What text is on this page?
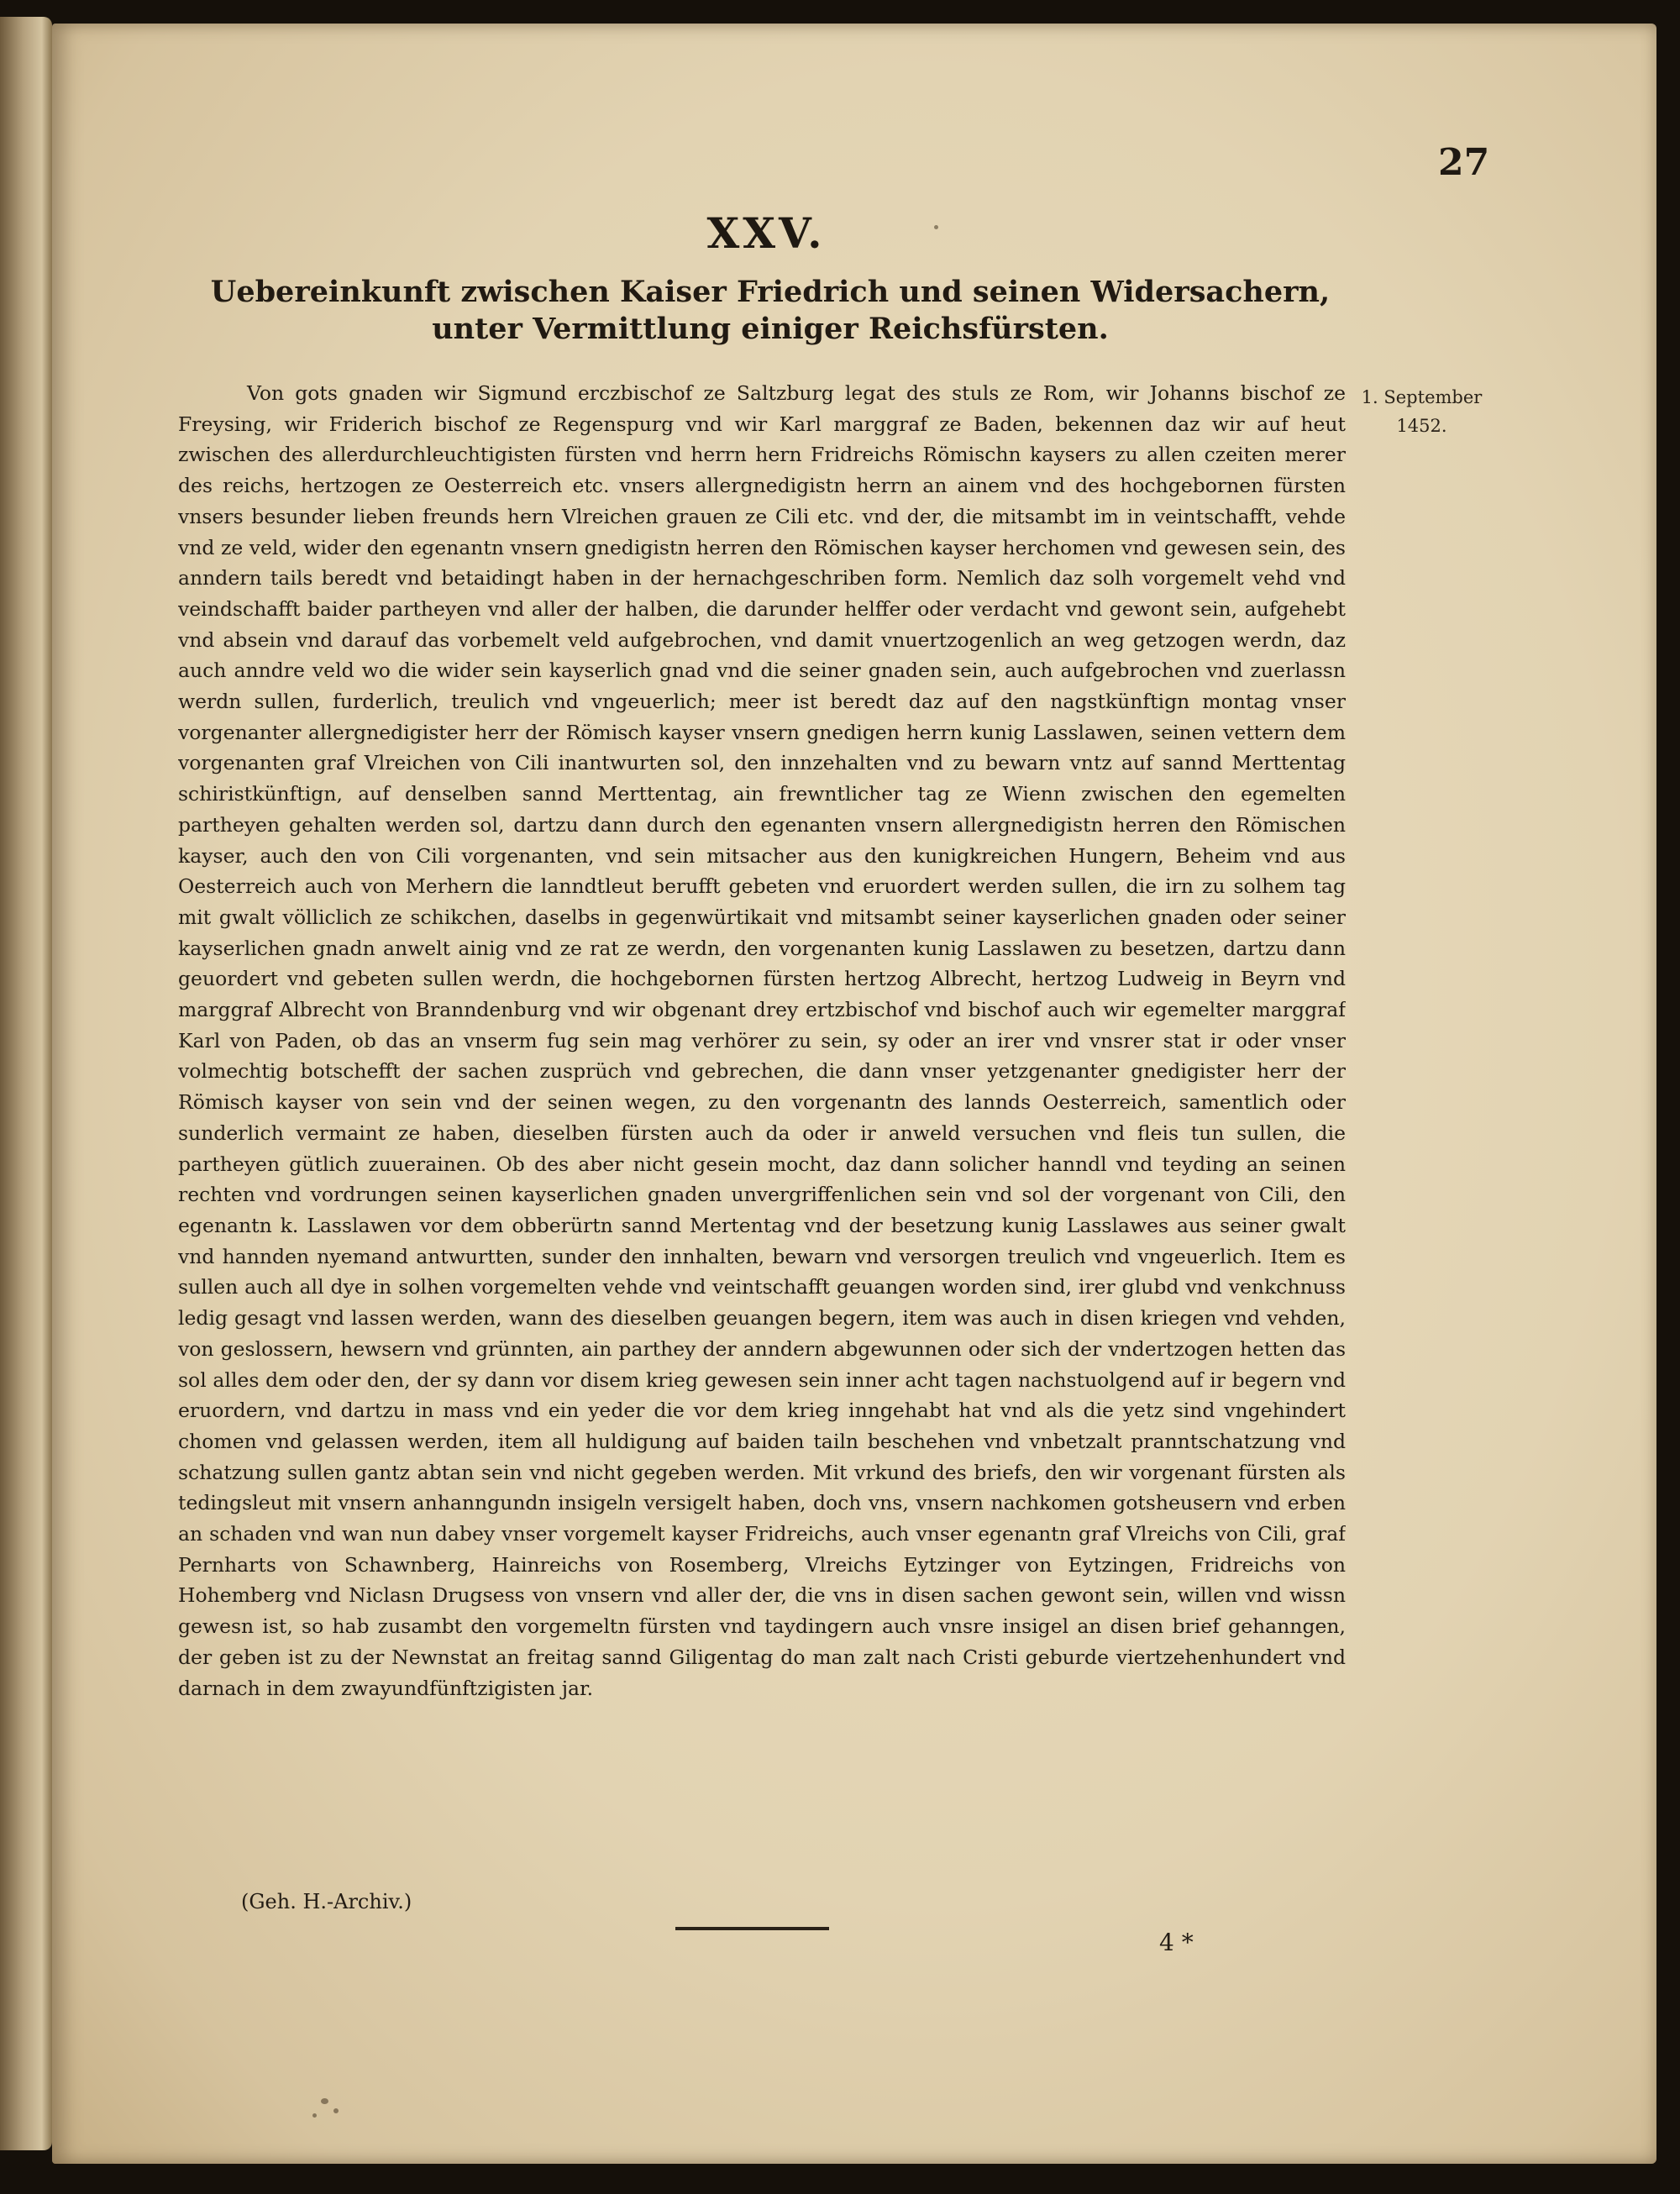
27
XXV.
Uebereinkunft zwischen Kaiser Friedrich und seinen Widersachern, unter Vermittlung einiger Reichsfürsten.
1. September
1452.

Von gots gnaden wir Sigmund erczbischof ze Saltzburg legat des stuls ze Rom, wir Johanns bischof ze Freysing, wir Friderich bischof ze Regenspurg vnd wir Karl marggraf ze Baden, bekennen daz wir auf heut zwischen des allerdurchleuchtigisten fürsten vnd herrn hern Fridreichs Römischn kaysers zu allen czeiten merer des reichs, hertzogen ze Oesterreich etc. vnsers allergnedigistn herrn an ainem vnd des hochgebornen fürsten vnsers besunder lieben freunds hern Vlreichen grauen ze Cili etc. vnd der, die mitsambt im in veintschafft, vehde vnd ze veld, wider den egenantn vnsern gnedigistn herren den Römischen kayser herchomen vnd gewesen sein, des anndern tails beredt vnd betaidingt haben in der hernachgeschriben form. Nemlich daz solh vorgemelt vehd vnd veindschafft baider partheyen vnd aller der halben, die darunder helffer oder verdacht vnd gewont sein, aufgehebt vnd absein vnd darauf das vorbemelt veld aufgebrochen, vnd damit vnuertzogenlich an weg getzogen werdn, daz auch anndre veld wo die wider sein kayserlich gnad vnd die seiner gnaden sein, auch aufgebrochen vnd zuerlassn werdn sullen, furderlich, treulich vnd vngeuerlich; meer ist beredt daz auf den nagstkünftign montag vnser vorgenanter allergnedigister herr der Römisch kayser vnsern gnedigen herrn kunig Lasslawen, seinen vettern dem vorgenanten graf Vlreichen von Cili inantwurten sol, den innzehalten vnd zu bewarn vntz auf sannd Merttentag schiristkünftign, auf denselben sannd Merttentag, ain frewntlicher tag ze Wienn zwischen den egemelten partheyen gehalten werden sol, dartzu dann durch den egenanten vnsern allergnedigistn herren den Römischen kayser, auch den von Cili vorgenanten, vnd sein mitsacher aus den kunigkreichen Hungern, Beheim vnd aus Oesterreich auch von Merhern die lanndtleut berufft gebeten vnd eruordert werden sullen, die irn zu solhem tag mit gwalt völliclich ze schikchen, daselbs in gegenwürtikait vnd mitsambt seiner kayserlichen gnaden oder seiner kayserlichen gnadn anwelt ainig vnd ze rat ze werdn, den vorgenanten kunig Lasslawen zu besetzen, dartzu dann geuordert vnd gebeten sullen werdn, die hochgebornen fürsten hertzog Albrecht, hertzog Ludweig in Beyrn vnd marggraf Albrecht von Branndenburg vnd wir obgenant drey ertzbischof vnd bischof auch wir egemelter marggraf Karl von Paden, ob das an vnserm fug sein mag verhörer zu sein, sy oder an irer vnd vnsrer stat ir oder vnser volmechtig botschefft der sachen zusprüch vnd gebrechen, die dann vnser yetzgenanter gnedigister herr der Römisch kayser von sein vnd der seinen wegen, zu den vorgenantn des lannds Oesterreich, samentlich oder sunderlich vermaint ze haben, dieselben fürsten auch da oder ir anweld versuchen vnd fleis tun sullen, die partheyen gütlich zuuerainen. Ob des aber nicht gesein mocht, daz dann solicher hanndl vnd teyding an seinen rechten vnd vordrungen seinen kayserlichen gnaden unvergriffenlichen sein vnd sol der vorgenant von Cili, den egenantn k. Lasslawen vor dem obberürtn sannd Mertentag vnd der besetzung kunig Lasslawes aus seiner gwalt vnd hannden nyemand antwurtten, sunder den innhalten, bewarn vnd versorgen treulich vnd vngeuerlich. Item es sullen auch all dye in solhen vorgemelten vehde vnd veintschafft geuangen worden sind, irer glubd vnd venkchnuss ledig gesagt vnd lassen werden, wann des dieselben geuangen begern, item was auch in disen kriegen vnd vehden, von geslossern, hewsern vnd grünnten, ain parthey der anndern abgewunnen oder sich der vndertzogen hetten das sol alles dem oder den, der sy dann vor disem krieg gewesen sein inner acht tagen nachstuolgend auf ir begern vnd eruordern, vnd dartzu in mass vnd ein yeder die vor dem krieg inngehabt hat vnd als die yetz sind vngehindert chomen vnd gelassen werden, item all huldigung auf baiden tailn beschehen vnd vnbetzalt pranntschatzung vnd schatzung sullen gantz abtan sein vnd nicht gegeben werden. Mit vrkund des briefs, den wir vorgenant fürsten als tedingsleut mit vnsern anhanngundn insigeln versigelt haben, doch vns, vnsern nachkomen gotsheusern vnd erben an schaden vnd wan nun dabey vnser vorgemelt kayser Fridreichs, auch vnser egenantn graf Vlreichs von Cili, graf Pernharts von Schawnberg, Hainreichs von Rosemberg, Vlreichs Eytzinger von Eytzingen, Fridreichs von Hohemberg vnd Niclasn Drugsess von vnsern vnd aller der, die vns in disen sachen gewont sein, willen vnd wissn gewesn ist, so hab zusambt den vorgemeltn fürsten vnd taydingern auch vnsre insigel an disen brief gehanngen, der geben ist zu der Newnstat an freitag sannd Giligentag do man zalt nach Cristi geburde viertzehenhundert vnd darnach in dem zwayundfünftzigisten jar.

(Geh. H.-Archiv.)
4 *
